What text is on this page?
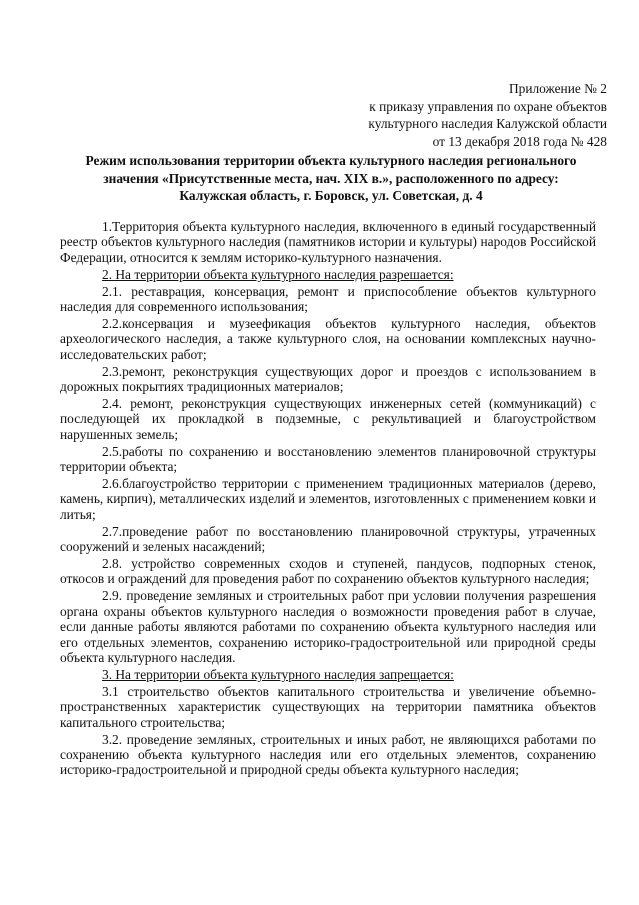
Приложение № 2
к приказу управления по охране объектов
культурного наследия Калужской области
от 13 декабря 2018 года № 428
Режим использования территории объекта культурного наследия регионального
значения «Присутственные места, нач. XIX в.», расположенного по адресу:
Калужская область, г. Боровск, ул. Советская, д. 4

1.Территория объекта культурного наследия, включенного в единый государственный реестр объектов культурного наследия (памятников истории и культуры) народов Российской Федерации, относится к землям историко-культурного назначения.

2. На территории объекта культурного наследия разрешается:

2.1. реставрация, консервация, ремонт и приспособление объектов культурного наследия для современного использования;

2.2.консервация и музеефикация объектов культурного наследия, объектов археологического наследия, а также культурного слоя, на основании комплексных научно-исследовательских работ;

2.3.ремонт, реконструкция существующих дорог и проездов с использованием в дорожных покрытиях традиционных материалов;

2.4. ремонт, реконструкция существующих инженерных сетей (коммуникаций) с последующей их прокладкой в подземные, с рекультивацией и благоустройством нарушенных земель;

2.5.работы по сохранению и восстановлению элементов планировочной структуры территории объекта;

2.6.благоустройство территории с применением традиционных материалов (дерево, камень, кирпич), металлических изделий и элементов, изготовленных с применением ковки и литья;

2.7.проведение работ по восстановлению планировочной структуры, утраченных сооружений и зеленых насаждений;

2.8. устройство современных сходов и ступеней, пандусов, подпорных стенок, откосов и ограждений для проведения работ по сохранению объектов культурного наследия;

2.9. проведение земляных и строительных работ при условии получения разрешения органа охраны объектов культурного наследия о возможности проведения работ в случае, если данные работы являются работами по сохранению объекта культурного наследия или его отдельных элементов, сохранению историко-градостроительной или природной среды объекта культурного наследия.

3. На территории объекта культурного наследия запрещается:

3.1 строительство объектов капитального строительства и увеличение объемно-пространственных характеристик существующих на территории памятника объектов капитального строительства;

3.2. проведение земляных, строительных и иных работ, не являющихся работами по сохранению объекта культурного наследия или его отдельных элементов, сохранению историко-градостроительной и природной среды объекта культурного наследия;
